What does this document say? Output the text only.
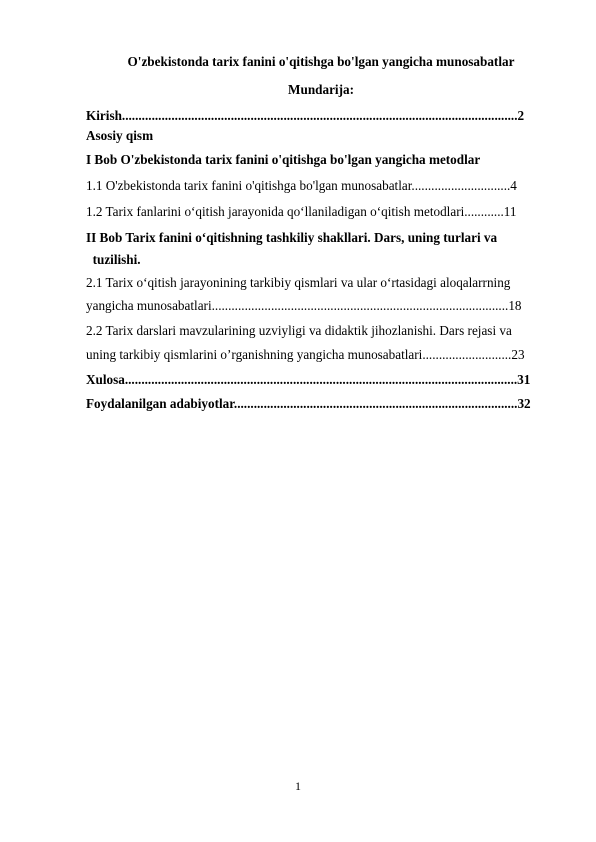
O'zbekistonda tarix fanini o'qitishga bo'lgan yangicha munosabatlar
Mundarija:
Kirish........................................................................................................................2
Asosiy qism
I Bob O'zbekistonda tarix fanini o'qitishga bo'lgan yangicha metodlar
1.1 O'zbekistonda tarix fanini o'qitishga bo'lgan munosabatlar..............................4
1.2 Tarix fanlarini o‘qitish jarayonida qo‘llaniladigan o‘qitish metodlari............11
II Bob Tarix fanini o‘qitishning tashkiliy shakllari. Dars, uning turlari va
tuzilishi.
2.1 Tarix o‘qitish jarayonining tarkibiy qismlari va ular o‘rtasidagi aloqalarrning
yangicha munosabatlari..........................................................................................18
2.2 Tarix darslari mavzularining uzviyligi va didaktik jihozlanishi. Dars rejasi va
uning tarkibiy qismlarini o’rganishning yangicha munosabatlari...........................23
Xulosa.......................................................................................................................31
Foydalanilgan adabiyotlar......................................................................................32
1
